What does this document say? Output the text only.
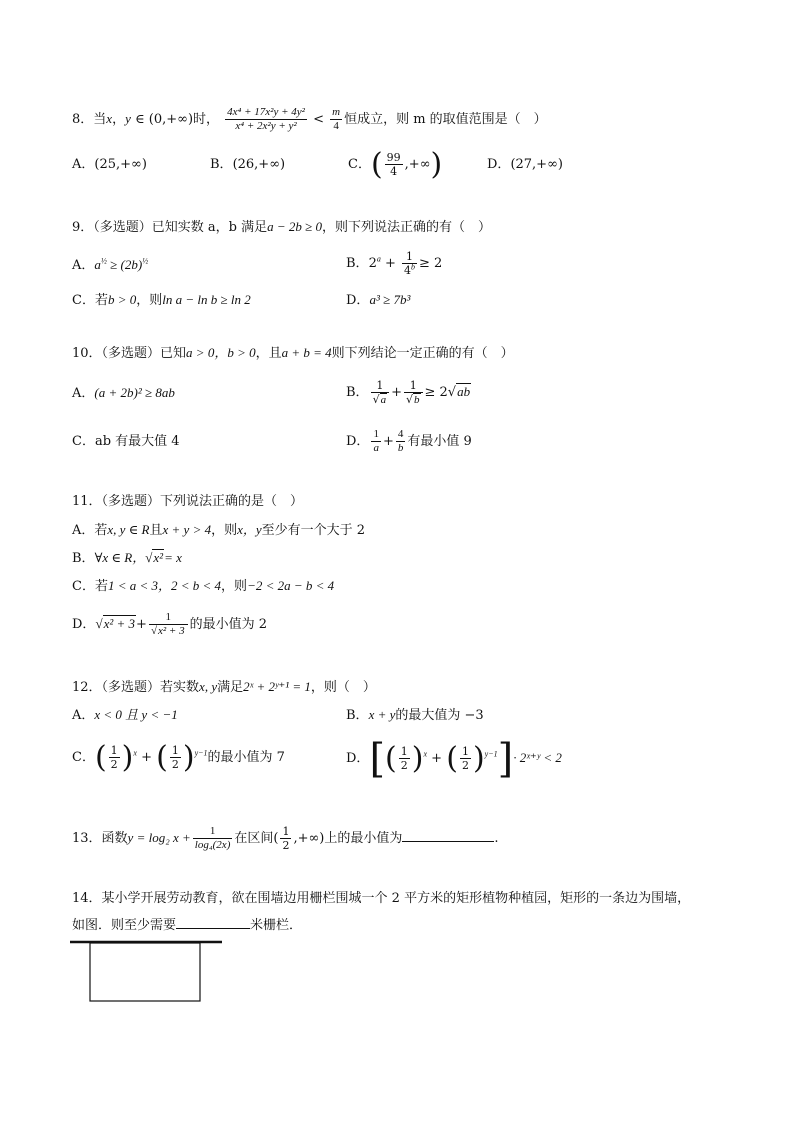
8．当x，y ∈ (0,+∞)时， $\frac{\text{4x⁴ + 17x²y + 4y²}}{\text{x⁴ + 2x²y + y²}} < \frac{m}{4}$ 恒成立，则 m 的取值范围是（　）
A．(25,+∞)	B．(26,+∞)	C．( $\frac{99}{4}$ ,+∞)	D．(27,+∞)
9．（多选题）已知实数 a，b 满足a − 2b ≥ 0，则下列说法正确的有（　）
A．$a^{\frac{1}{2}} \ge (2b)^{\frac{1}{2}}$	B．$2^a + \frac{1}{4^b} \ge 2$
C．若b > 0，则ln a − ln b ≥ ln 2	D．a³ ≥ 7b³
10．（多选题）已知a > 0，b > 0，且a + b = 4则下列结论一定正确的有（　）
A．(a + 2b)² ≥ 8ab	B． $\frac{1}{√a} + \frac{1}{√b} \ge 2√ab$
C．ab 有最大值 4	D． $\frac{1}{a} + \frac{4}{b}$ 有最小值 9
11．（多选题）下列说法正确的是（　）
A．若x, y ∈ R且x + y > 4，则x，y至少有一个大于 2
B．∀x ∈ R，√x²= x
C．若1 < a < 3，2 < b < 4，则−2 < 2a − b < 4
D．$√x^2 + 3+ \frac{1}{\text{√x² + 3}}$ 的最小值为 2
12．（多选题）若实数x, y满足2ˣ + 2ʸ⁺¹ = 1，则（　）
A．x < 0 且 y < −1	B．x + y的最大值为 −3
C．( $\frac{1}{2} )^x$ + ( $\frac{1}{2} )^{y-1}$的最小值为 7	D．[( $\frac{1}{2} )^x$ + ( $\frac{1}{2} )^{y-1}]\cdot$ 2ˣ⁺ʸ < 2
13．函数y = log₂ $x + \frac{1}{\text{log₄(2x)}}$ 在区间( $\frac{1}{2}$ ,+∞)上的最小值为	.
14．某小学开展劳动教育，欲在围墙边用栅栏围城一个 2 平方米的矩形植物种植园，矩形的一条边为围墙，
如图．则至少需要	米栅栏．
